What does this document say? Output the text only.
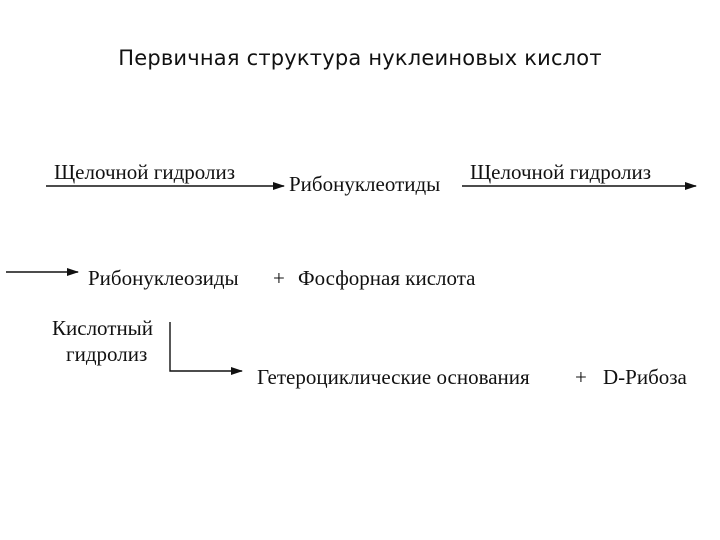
Первичная структура нуклеиновых кислот
Щелочной гидролиз	Рибонуклеотиды Щелочной гидролиз
Рибонуклеозиды + Фосфорная кислота
Кислотный
гидролиз
Гетероциклические основания + D-Рибоза
